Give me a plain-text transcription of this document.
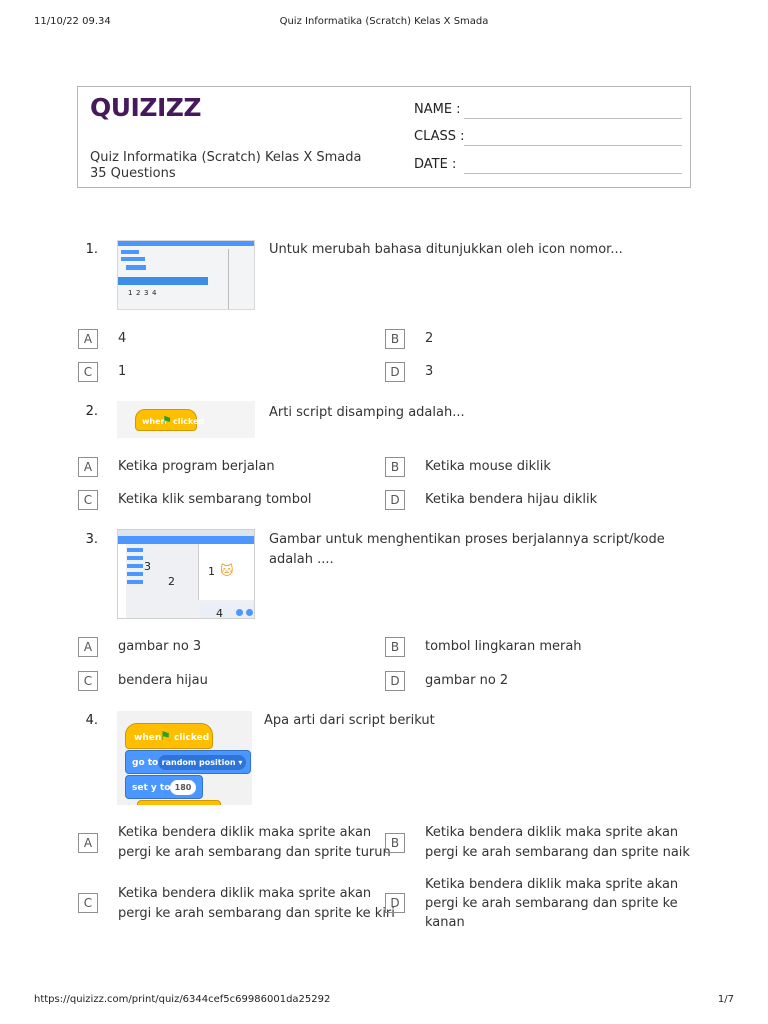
11/10/22 09.34	Quiz Informatika (Scratch) Kelas X Smada
QUIZIZZ
Quiz Informatika (Scratch) Kelas X Smada
35 Questions
NAME :
CLASS :
DATE :
1.
1 2 3 4
Untuk merubah bahasa ditunjukkan oleh icon nomor...
A	4	B	2
C	1	D	3
2.
when
⚑ clicked
Arti script disamping adalah...
A	Ketika program berjalan	B	Ketika mouse diklik
C	Ketika klik sembarang tombol	D	Ketika bendera hijau diklik
3.
1 🐱
2
3
4
Gambar untuk menghentikan proses berjalannya script/kode
adalah ....
A	gambar no 3	B	tombol lingkaran merah
C	bendera hijau	D	gambar no 2
4.
when
⚑ clicked
go to random position ▾
set y to 180
Apa arti dari script berikut
A
Ketika bendera diklik maka sprite akan
pergi ke arah sembarang dan sprite turun
B
Ketika bendera diklik maka sprite akan
pergi ke arah sembarang dan sprite naik
C
Ketika bendera diklik maka sprite akan
pergi ke arah sembarang dan sprite ke kiri
D
Ketika bendera diklik maka sprite akan
pergi ke arah sembarang dan sprite ke
kanan
https://quizizz.com/print/quiz/6344cef5c69986001da25292	1/7
